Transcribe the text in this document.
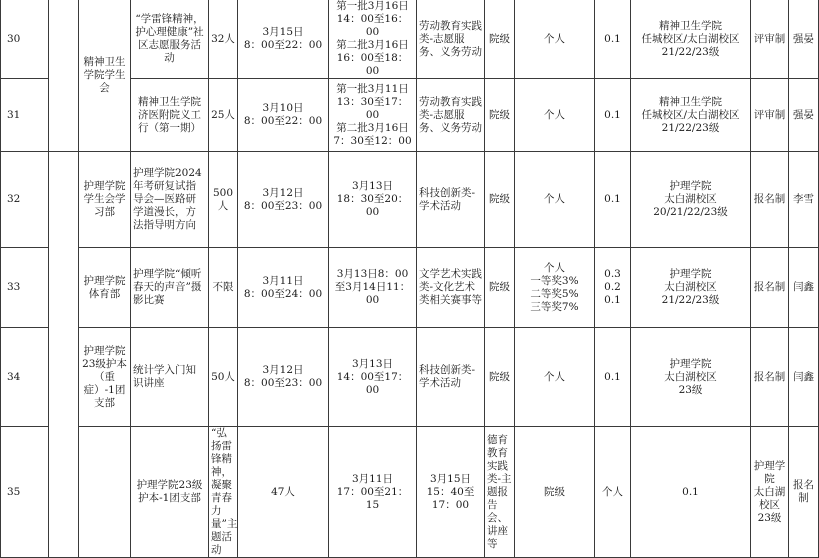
30		精神卫生学院学生会	“学雷锋精神，护心理健康”社区志愿服务活动	32人	3月15日
8：00至22：00	第一批3月16日
14：00至16：00
第二批3月16日
16：00至18：00	劳动教育实践类-志愿服务、义务劳动	院级	个人	0.1	精神卫生学院
任城校区/太白湖校区
21/22/23级	评审制	强晏	
31			精神卫生学院济医附院义工行（第一期）	25人	3月10日
8：00至22：00	第一批3月11日
13：30至17：00
第二批3月16日
7：30至12：00	劳动教育实践类-志愿服务、义务劳动	院级	个人	0.1	精神卫生学院
任城校区/太白湖校区
21/22/23级	评审制	强晏	
32		护理学院学生会学习部	护理学院2024年考研复试指导会—医路研学道漫长，方法指导明方向	500人	3月12日
8：00至23：00	3月13日
18：30至20：00	科技创新类-学术活动	院级	个人	0.1	护理学院
太白湖校区
20/21/22/23级	报名制	李雪	
33		护理学院体育部	护理学院“倾听春天的声音”摄影比赛	不限	3月11日
8：00至24：00	3月13日8：00
至3月14日11：00	文学艺术实践类-文化艺术类相关赛事等	院级	个人
一等奖3%
二等奖5%
三等奖7%	0.3
0.2
0.1	护理学院
太白湖校区
21/22/23级	报名制	闫鑫	
34		护理学院23级护本（重症）-1团支部	统计学入门知识讲座	50人	3月12日
8：00至23：00	3月13日
14：00至17：00	科技创新类-学术活动	院级	个人	0.1	护理学院
太白湖校区
23级	报名制	闫鑫	
35			护理学院23级护本-1团支部	“弘扬雷锋精神，凝聚青春力量”主题活动	47人	3月11日
17：00至21：15	3月15日
15：40至17：00	德育教育实践类-主题报告会、讲座等	院级	个人	0.1	护理学院
太白湖校区
23级	报名制	
